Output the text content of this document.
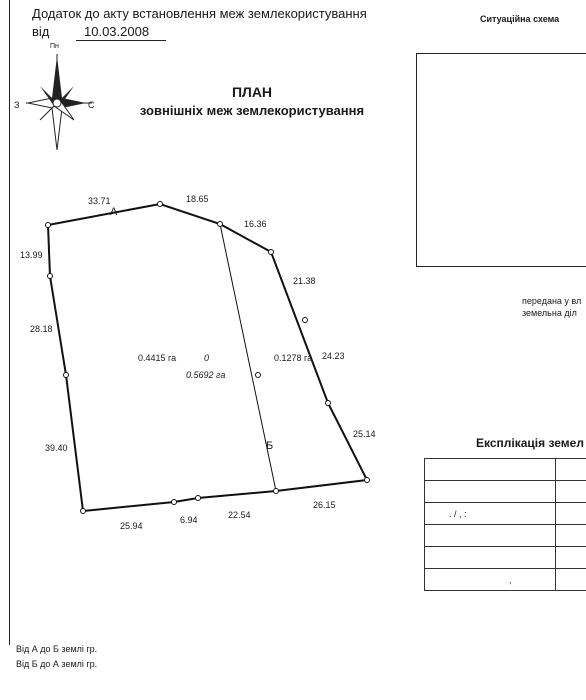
Додаток до акту встановлення меж землекористування
від	10.03.2008
Пн
З	С
ПЛАН
зовнішніх меж землекористування
Ситуаційна схема
передана у вл
земельна діл
Експлікація земел

. / , :		

,		
А
Б
33.71	18.65
16.36
21.38
24.23
25.14
26.15
22.54
6.94
25.94
39.40
28.18
13.99
0.4415 га	0	0.1278 га
0.5692 га
Від А до Б землі гр.
Від Б до А землі гр.
